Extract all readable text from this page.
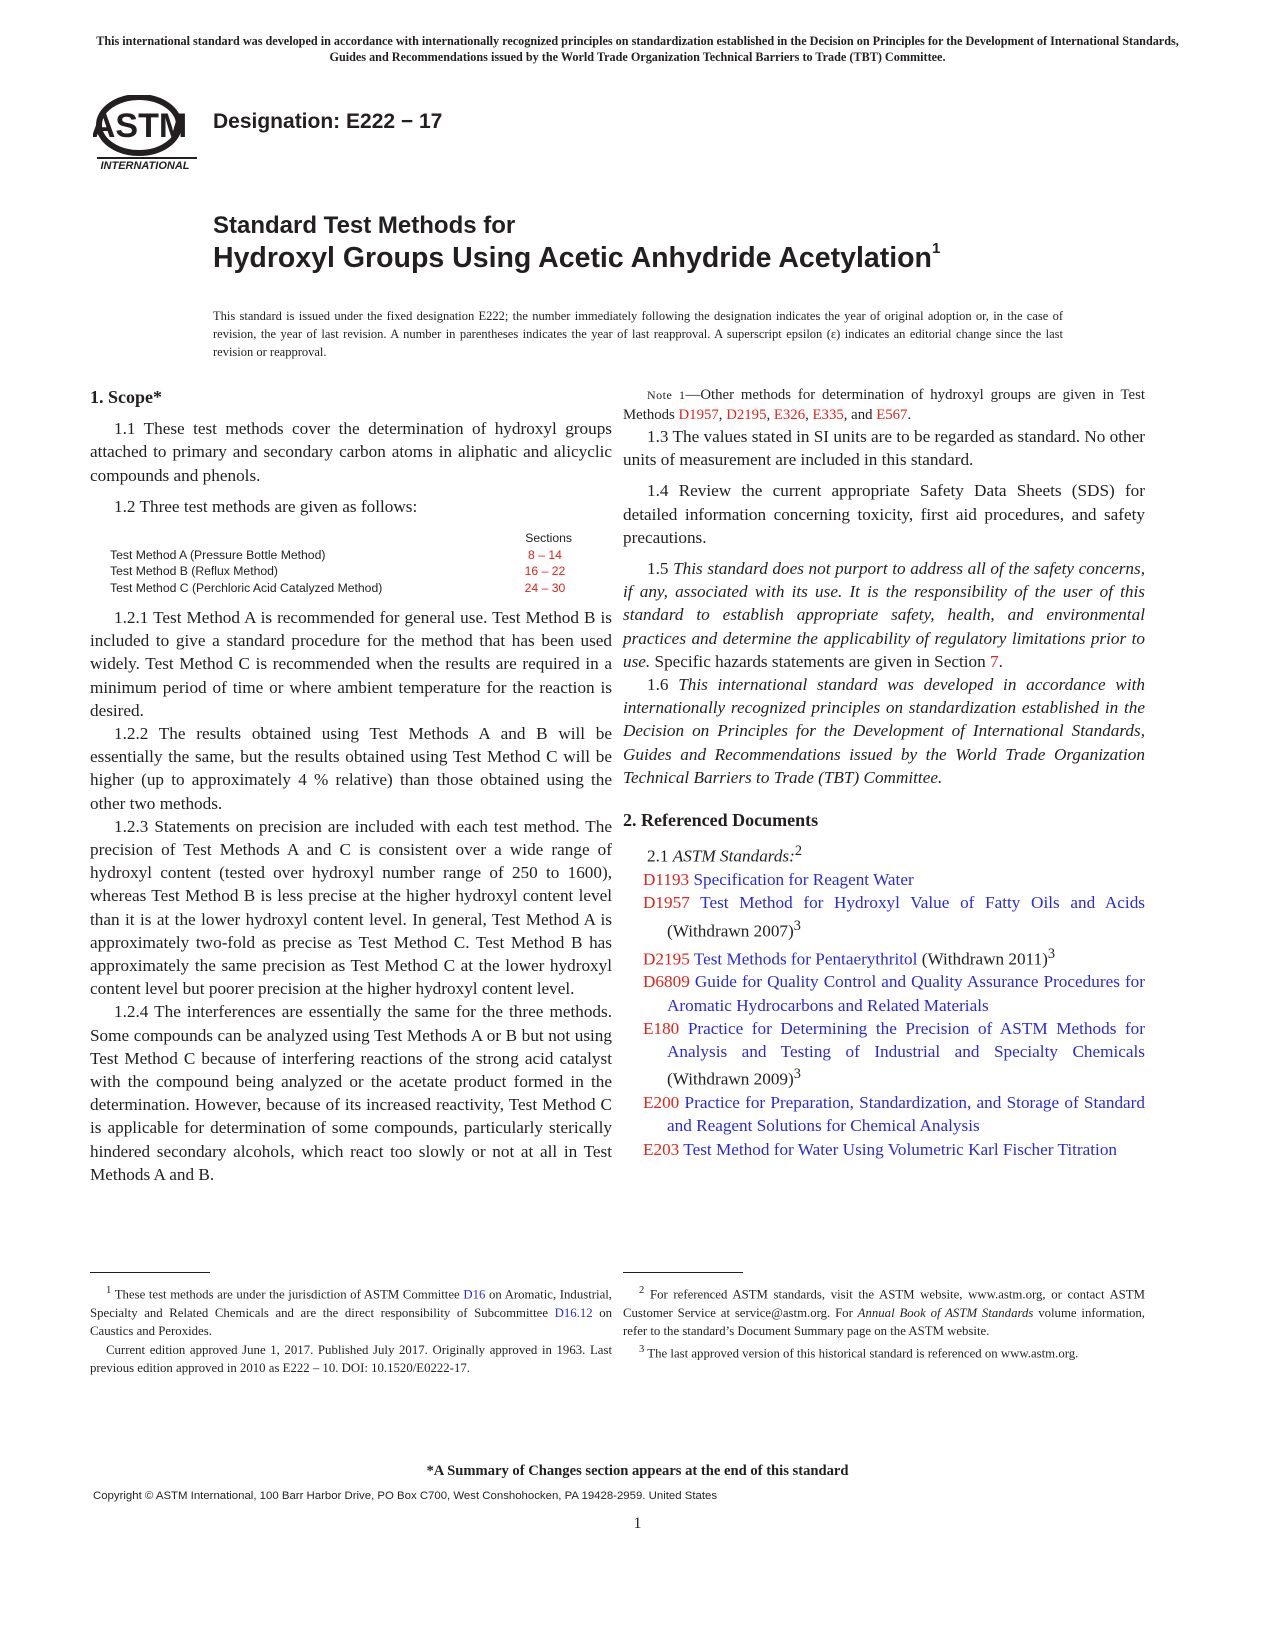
This international standard was developed in accordance with internationally recognized principles on standardization established in the Decision on Principles for the Development of International Standards, Guides and Recommendations issued by the World Trade Organization Technical Barriers to Trade (TBT) Committee.
ASTM
INTERNATIONAL
Designation: E222 − 17
Standard Test Methods for
Hydroxyl Groups Using Acetic Anhydride Acetylation$^1$
This standard is issued under the fixed designation E222; the number immediately following the designation indicates the year of original adoption or, in the case of revision, the year of last revision. A number in parentheses indicates the year of last reapproval. A superscript epsilon (ε) indicates an editorial change since the last revision or reapproval.

1. Scope*

1.1 These test methods cover the determination of hydroxyl groups attached to primary and secondary carbon atoms in aliphatic and alicyclic compounds and phenols.

1.2 Three test methods are given as follows:

Sections
Test Method A (Pressure Bottle Method)	8 – 14
Test Method B (Reflux Method)	16 – 22
Test Method C (Perchloric Acid Catalyzed Method)	24 – 30

1.2.1 Test Method A is recommended for general use. Test Method B is included to give a standard procedure for the method that has been used widely. Test Method C is recommended when the results are required in a minimum period of time or where ambient temperature for the reaction is desired.

1.2.2 The results obtained using Test Methods A and B will be essentially the same, but the results obtained using Test Method C will be higher (up to approximately 4 % relative) than those obtained using the other two methods.

1.2.3 Statements on precision are included with each test method. The precision of Test Methods A and C is consistent over a wide range of hydroxyl content (tested over hydroxyl number range of 250 to 1600), whereas Test Method B is less precise at the higher hydroxyl content level than it is at the lower hydroxyl content level. In general, Test Method A is approximately two-fold as precise as Test Method C. Test Method B has approximately the same precision as Test Method C at the lower hydroxyl content level but poorer precision at the higher hydroxyl content level.

1.2.4 The interferences are essentially the same for the three methods. Some compounds can be analyzed using Test Methods A or B but not using Test Method C because of interfering reactions of the strong acid catalyst with the compound being analyzed or the acetate product formed in the determination. However, because of its increased reactivity, Test Method C is applicable for determination of some compounds, particularly sterically hindered secondary alcohols, which react too slowly or not at all in Test Methods A and B.

Note 1—Other methods for determination of hydroxyl groups are given in Test Methods D1957, D2195, E326, E335, and E567.

1.3 The values stated in SI units are to be regarded as standard. No other units of measurement are included in this standard.

1.4 Review the current appropriate Safety Data Sheets (SDS) for detailed information concerning toxicity, first aid procedures, and safety precautions.

1.5 This standard does not purport to address all of the safety concerns, if any, associated with its use. It is the responsibility of the user of this standard to establish appropriate safety, health, and environmental practices and determine the applicability of regulatory limitations prior to use. Specific hazards statements are given in Section 7.

1.6 This international standard was developed in accordance with internationally recognized principles on standardization established in the Decision on Principles for the Development of International Standards, Guides and Recommendations issued by the World Trade Organization Technical Barriers to Trade (TBT) Committee.

2. Referenced Documents

2.1 ASTM Standards:$^2$

D1193 Specification for Reagent Water

D1957 Test Method for Hydroxyl Value of Fatty Oils and Acids (Withdrawn 2007)$^3$

D2195 Test Methods for Pentaerythritol (Withdrawn 2011)$^3$

D6809 Guide for Quality Control and Quality Assurance Procedures for Aromatic Hydrocarbons and Related Materials

E180 Practice for Determining the Precision of ASTM Methods for Analysis and Testing of Industrial and Specialty Chemicals (Withdrawn 2009)$^3$

E200 Practice for Preparation, Standardization, and Storage of Standard and Reagent Solutions for Chemical Analysis

E203 Test Method for Water Using Volumetric Karl Fischer Titration

$^1$ These test methods are under the jurisdiction of ASTM Committee D16 on Aromatic, Industrial, Specialty and Related Chemicals and are the direct responsibility of Subcommittee D16.12 on Caustics and Peroxides.

Current edition approved June 1, 2017. Published July 2017. Originally approved in 1963. Last previous edition approved in 2010 as E222 – 10. DOI: 10.1520/E0222-17.

$^2$ For referenced ASTM standards, visit the ASTM website, www.astm.org, or contact ASTM Customer Service at service@astm.org. For Annual Book of ASTM Standards volume information, refer to the standard’s Document Summary page on the ASTM website.

$^3$ The last approved version of this historical standard is referenced on www.astm.org.

*A Summary of Changes section appears at the end of this standard
Copyright © ASTM International, 100 Barr Harbor Drive, PO Box C700, West Conshohocken, PA 19428-2959. United States
1
